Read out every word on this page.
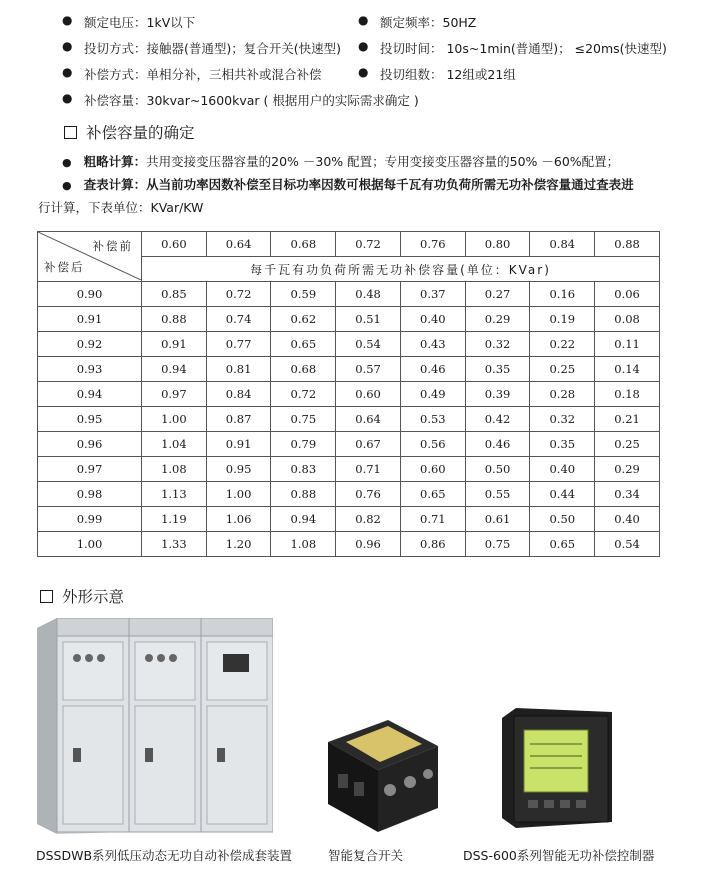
● 额定电压：1kV以下	● 额定频率：50HZ
● 投切方式：接触器(普通型)；复合开关(快速型) ● 投切时间： 10s~1min(普通型)； ≤20ms(快速型)
● 补偿方式：单相分补，三相共补或混合补偿	● 投切组数： 12组或21组
● 补偿容量：30kvar~1600kvar ( 根据用户的实际需求确定 )
补偿容量的确定
● 粗略计算：共用变接变压器容量的20% －30% 配置；专用变接变压器容量的50% －60%配置；
● 查表计算：从当前功率因数补偿至目标功率因数可根据每千瓦有功负荷所需无功补偿容量通过查表进
行计算，下表单位：KVar/KW
补偿前
补偿后	0.60	0.64	0.68	0.72	0.76	0.80	0.84	0.88
	每千瓦有功负荷所需无功补偿容量(单位：KVar)							
0.90	0.85	0.72	0.59	0.48	0.37	0.27	0.16	0.06
0.91	0.88	0.74	0.62	0.51	0.40	0.29	0.19	0.08
0.92	0.91	0.77	0.65	0.54	0.43	0.32	0.22	0.11
0.93	0.94	0.81	0.68	0.57	0.46	0.35	0.25	0.14
0.94	0.97	0.84	0.72	0.60	0.49	0.39	0.28	0.18
0.95	1.00	0.87	0.75	0.64	0.53	0.42	0.32	0.21
0.96	1.04	0.91	0.79	0.67	0.56	0.46	0.35	0.25
0.97	1.08	0.95	0.83	0.71	0.60	0.50	0.40	0.29
0.98	1.13	1.00	0.88	0.76	0.65	0.55	0.44	0.34
0.99	1.19	1.06	0.94	0.82	0.71	0.61	0.50	0.40
1.00	1.33	1.20	1.08	0.96	0.86	0.75	0.65	0.54
外形示意
DSSDWB系列低压动态无功自动补偿成套装置	智能复合开关	DSS-600系列智能无功补偿控制器
